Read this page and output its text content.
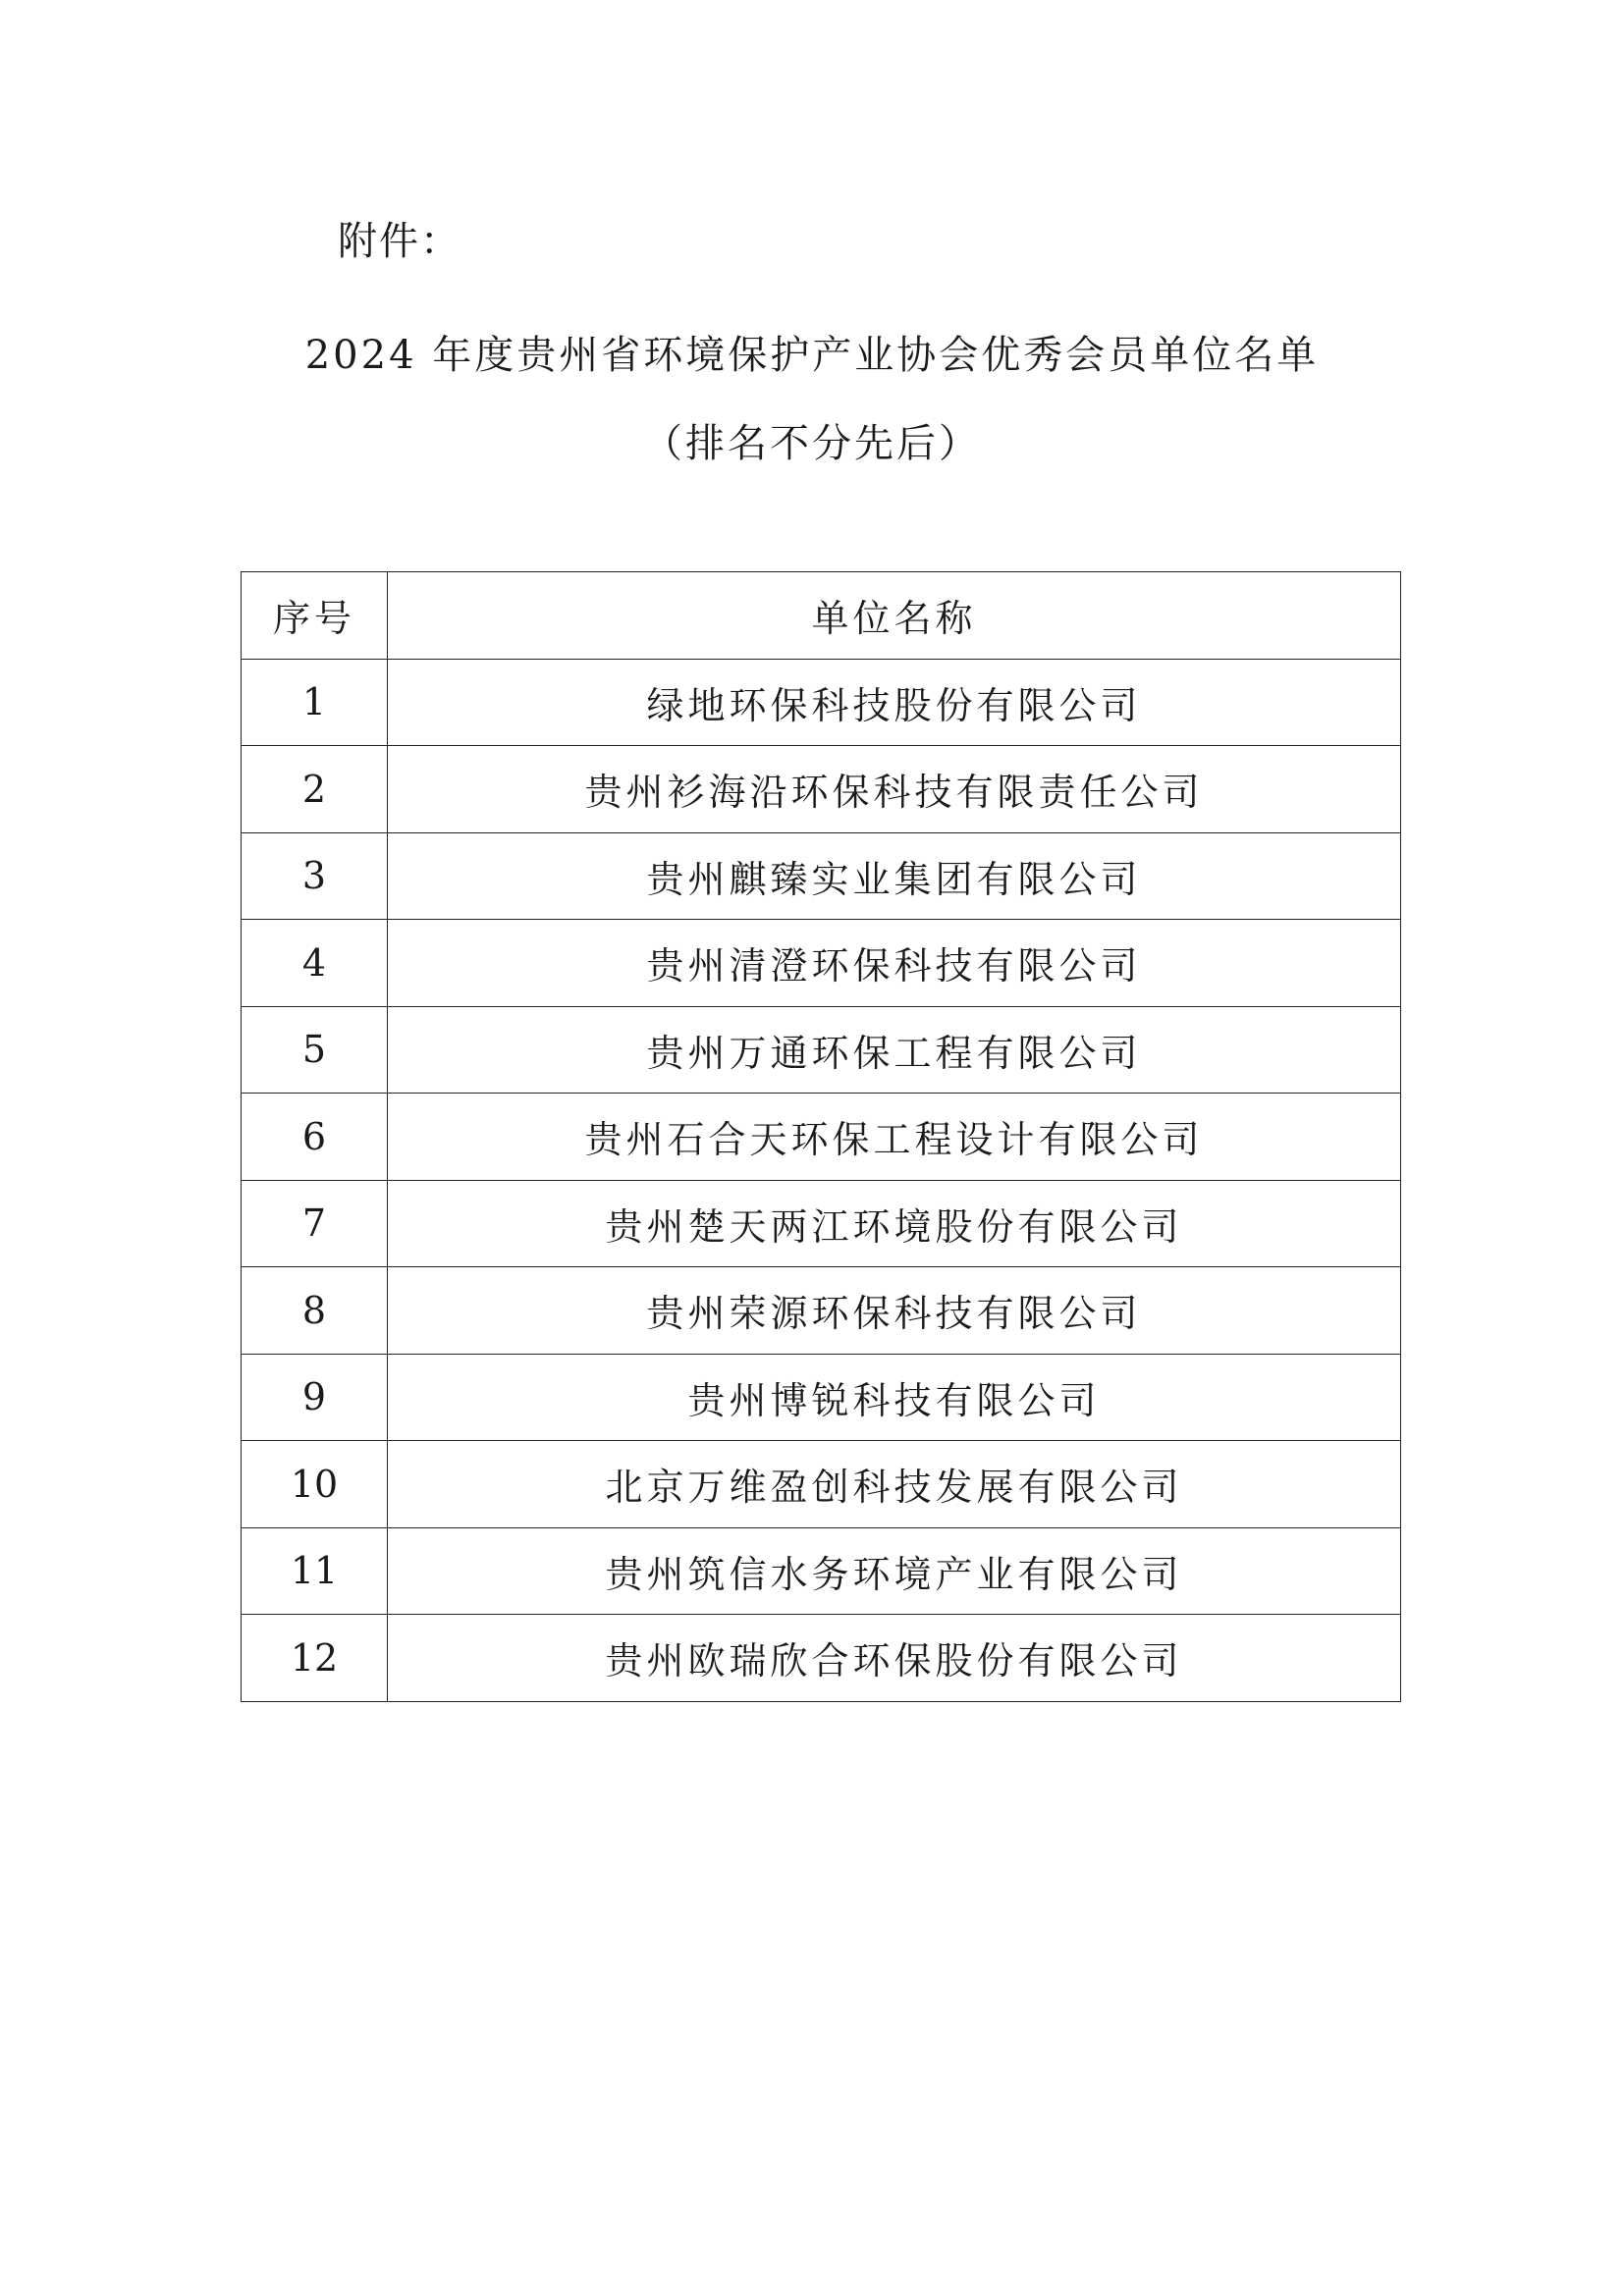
附件：
2024 年度贵州省环境保护产业协会优秀会员单位名单
（排名不分先后）
序号	单位名称
1	绿地环保科技股份有限公司
2	贵州衫海沿环保科技有限责任公司
3	贵州麒臻实业集团有限公司
4	贵州清澄环保科技有限公司
5	贵州万通环保工程有限公司
6	贵州石合天环保工程设计有限公司
7	贵州楚天两江环境股份有限公司
8	贵州荣源环保科技有限公司
9	贵州博锐科技有限公司
10	北京万维盈创科技发展有限公司
11	贵州筑信水务环境产业有限公司
12	贵州欧瑞欣合环保股份有限公司
